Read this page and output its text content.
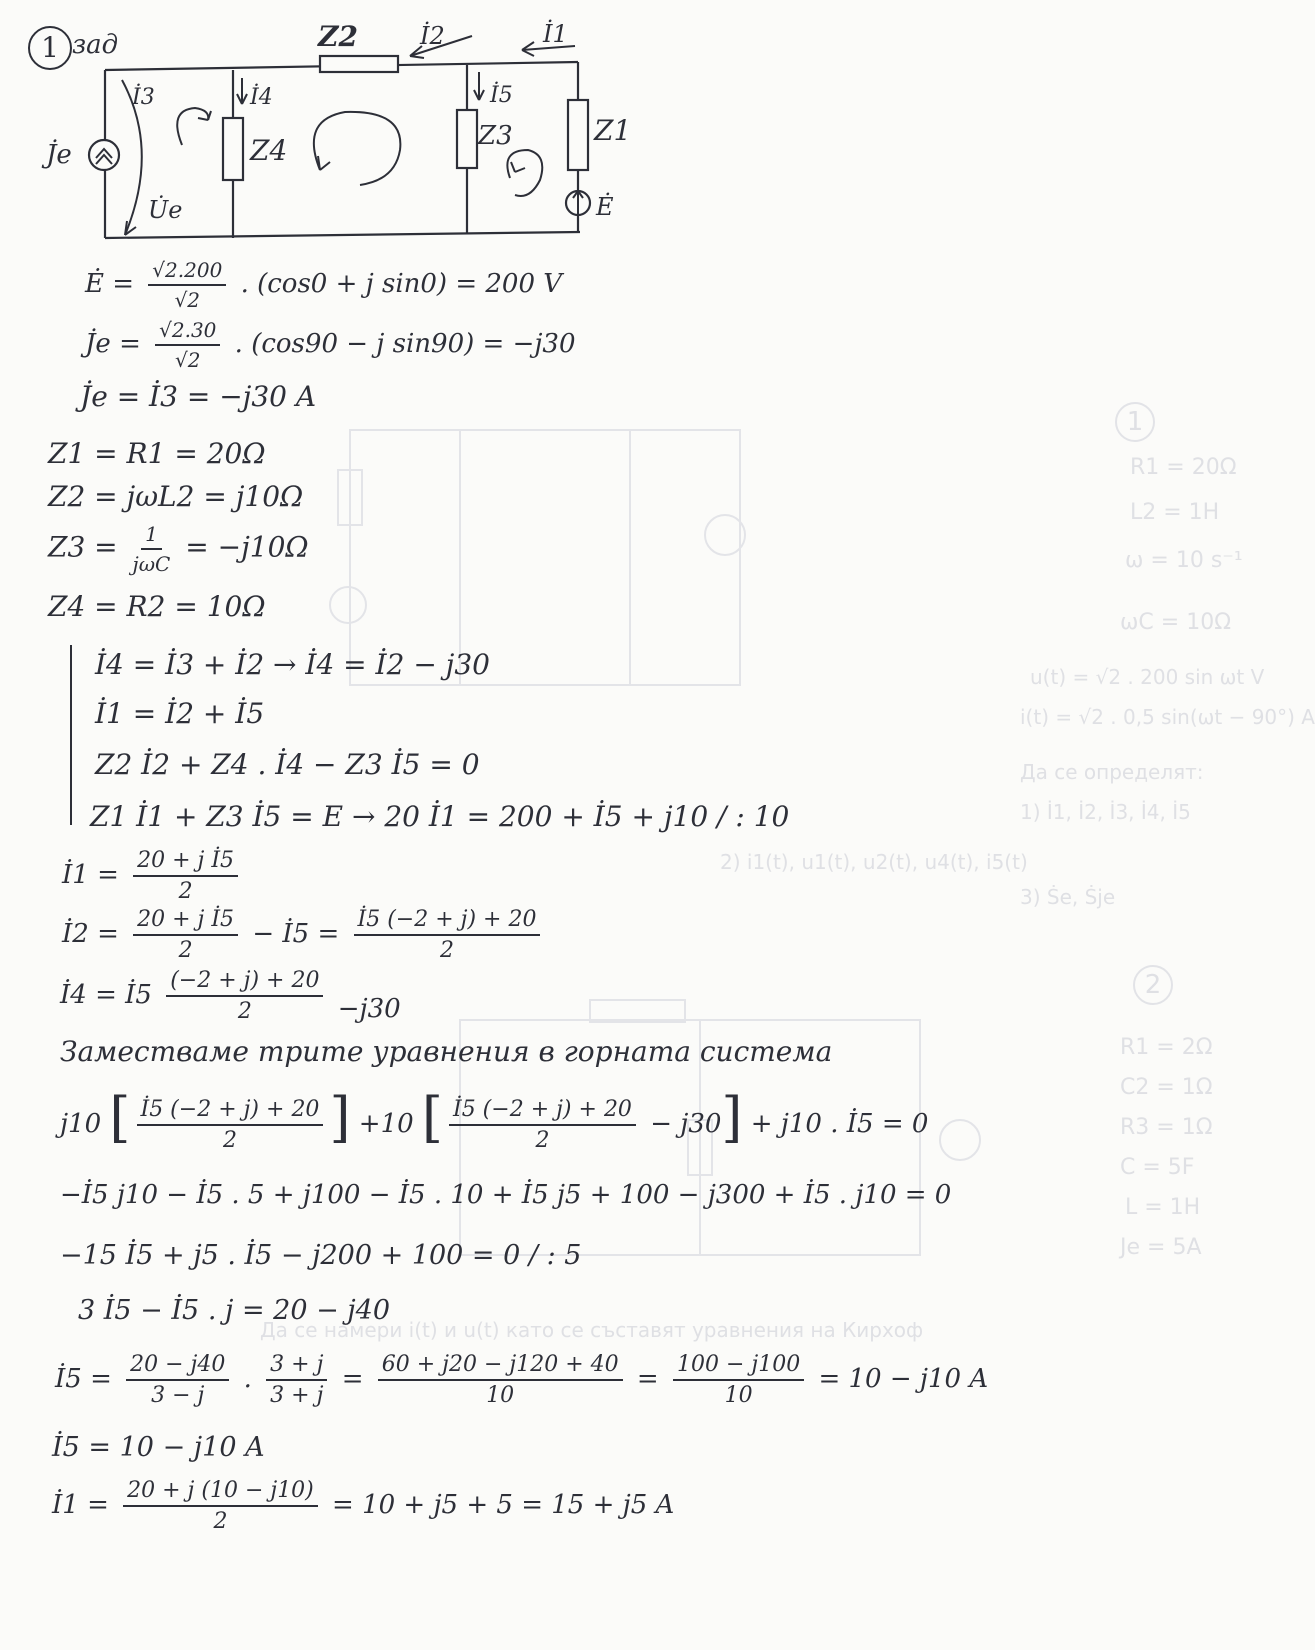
1
2
R1 = 20Ω
L2 = 1H
ω = 10 s⁻¹
ωC = 10Ω
u(t) = √2 . 200 sin ωt V
i(t) = √2 . 0,5 sin(ωt − 90°) A
Да се определят:
1) İ1, İ2, İ3, İ4, İ5
2) i1(t), u1(t), u2(t), u4(t), i5(t)
3) Ṡe, Ṡje
R1 = 2Ω
C2 = 1Ω
R3 = 1Ω
C = 5F
L = 1H
Je = 5A
Да се намери i(t) и u(t) като се съставят уравнения на Кирхоф
1 зад	Z2	İ2	İ1
İ3	İ4	İ5
Z4	Z3	Z1
J̇e
U̇e	Ė
Ė = $\frac{√2.200}{√2}$ . (cos0 + j sin0) = 200 V
J̇e = $\frac{√2.30}{√2}$ . (cos90 − j sin90) = −j30
J̇e = İ3 = −j30 A
Z1 = R1 = 20Ω
Z2 = jωL2 = j10Ω
$Z3 = \frac{1}{\text{jωC}} = -j10\Omega$
Z4 = R2 = 10Ω
İ4 = İ3 + İ2 → İ4 = İ2 − j30
İ1 = İ2 + İ5
Z2 İ2 + Z4 . İ4 − Z3 İ5 = 0
Z1 İ1 + Z3 İ5 = E → 20 İ1 = 200 + İ5 + j10 / : 10
İ1 = $\frac{\text{20 + j İ5}}{2}$
İ2 = $\frac{\text{20 + j İ5}}{2}$ − İ5 = $\frac{İ5 (-2 + j) + 20}{2}$
İ4 = İ5 $\frac{(-2 + j) + 20}{2} -j30$
Заместваме трите уравнения в горната система
j10 [ $\frac{İ5 (-2 + j) + 20}{2}$ ] +10 [ $\frac{İ5 (-2 + j) + 20}{2} - j30] + j10$ . İ5 = 0
−İ5 j10 − İ5 . 5 + j100 − İ5 . 10 + İ5 j5 + 100 − j300 + İ5 . j10 = 0
−15 İ5 + j5 . İ5 − j200 + 100 = 0 / : 5
3 İ5 − İ5 . j = 20 − j40
İ5 = $\frac{20 - j40}{3 - j}$ . $\frac{3 + j}{3 + j} = \frac{60 + j20 - j120 + 40}{10} = \frac{100 - j100}{10} = 10 - j10$ A
İ5 = 10 − j10 A
İ1 = $\frac{20 + j (10 - j10)}{2} = 10 + j5 + 5 = 15 + j5$ A
